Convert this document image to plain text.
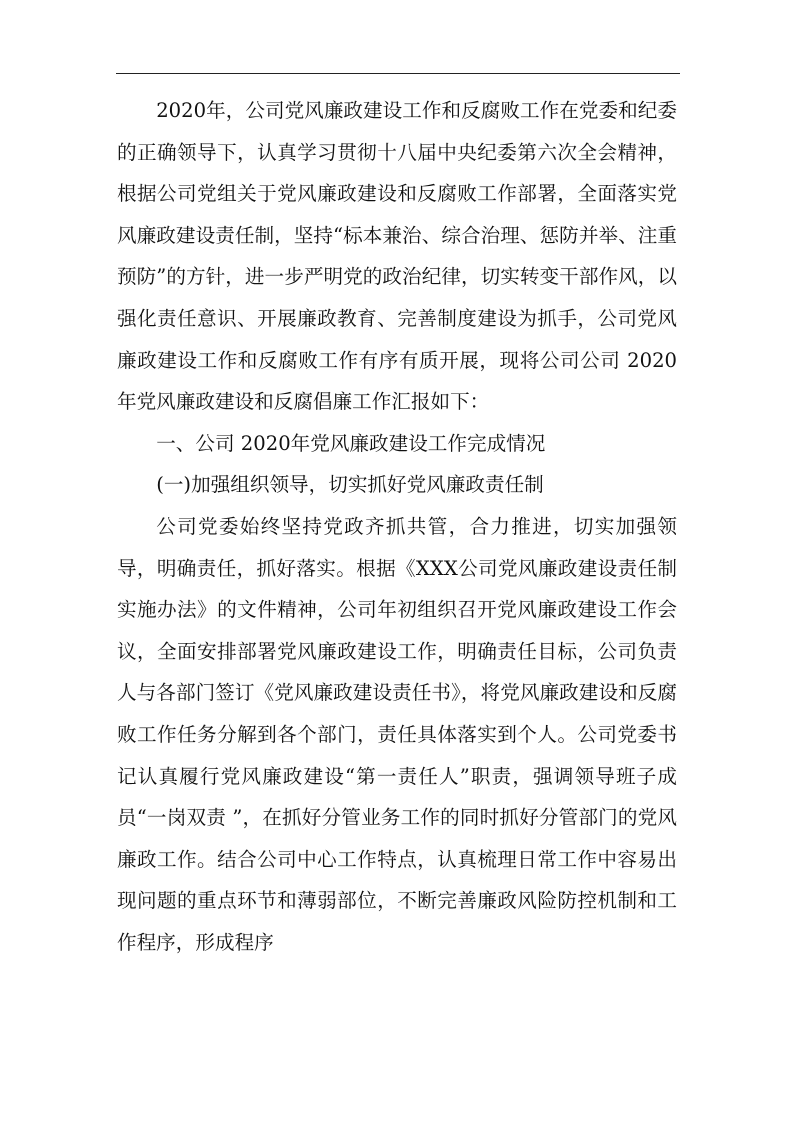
2020年，公司党风廉政建设工作和反腐败工作在党委和纪委的正确领导下，认真学习贯彻十八届中央纪委第六次全会精神，根据公司党组关于党风廉政建设和反腐败工作部署，全面落实党风廉政建设责任制，坚持“标本兼治、综合治理、惩防并举、注重预防”的方针，进一步严明党的政治纪律，切实转变干部作风，以强化责任意识、开展廉政教育、完善制度建设为抓手，公司党风廉政建设工作和反腐败工作有序有质开展，现将公司公司 2020年党风廉政建设和反腐倡廉工作汇报如下：

一、公司 2020年党风廉政建设工作完成情况

(一)加强组织领导，切实抓好党风廉政责任制

公司党委始终坚持党政齐抓共管，合力推进，切实加强领导，明确责任，抓好落实。根据《XXX公司党风廉政建设责任制实施办法》的文件精神，公司年初组织召开党风廉政建设工作会议，全面安排部署党风廉政建设工作，明确责任目标，公司负责人与各部门签订《党风廉政建设责任书》，将党风廉政建设和反腐败工作任务分解到各个部门，责任具体落实到个人。公司党委书记认真履行党风廉政建设“第一责任人”职责，强调领导班子成员“一岗双责 ”，在抓好分管业务工作的同时抓好分管部门的党风廉政工作。结合公司中心工作特点，认真梳理日常工作中容易出现问题的重点环节和薄弱部位，不断完善廉政风险防控机制和工作程序，形成程序
